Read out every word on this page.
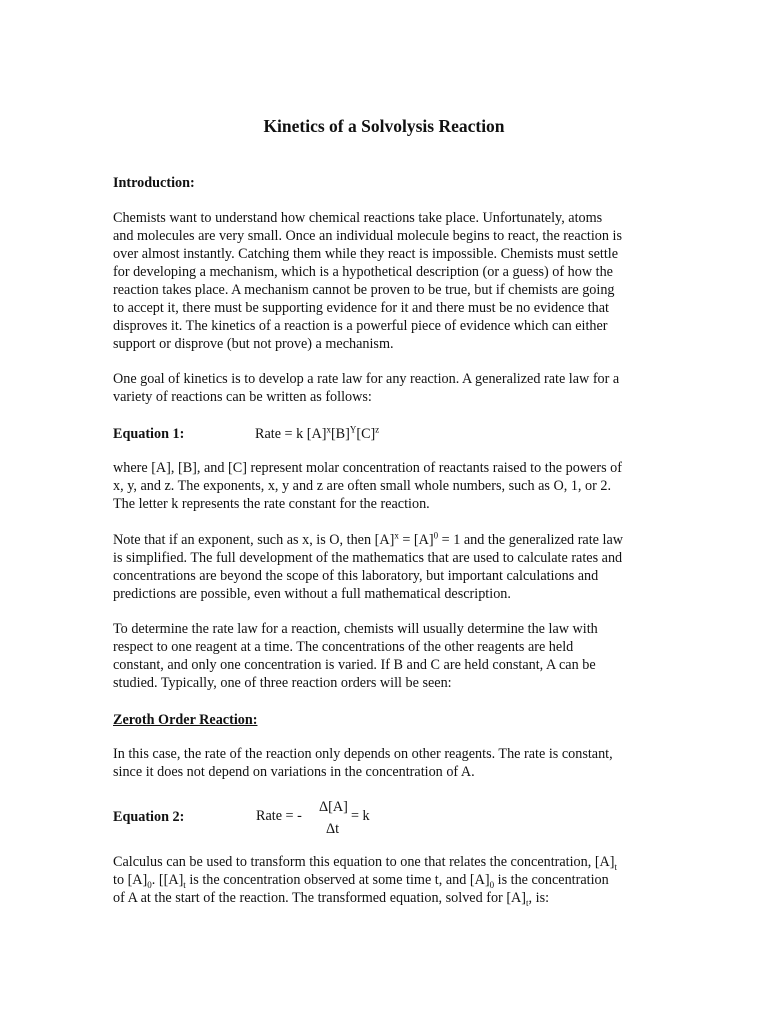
Kinetics of a Solvolysis Reaction
Introduction:
Chemists want to understand how chemical reactions take place. Unfortunately, atoms
and molecules are very small. Once an individual molecule begins to react, the reaction is
over almost instantly. Catching them while they react is impossible. Chemists must settle
for developing a mechanism, which is a hypothetical description (or a guess) of how the
reaction takes place. A mechanism cannot be proven to be true, but if chemists are going
to accept it, there must be supporting evidence for it and there must be no evidence that
disproves it. The kinetics of a reaction is a powerful piece of evidence which can either
support or disprove (but not prove) a mechanism.
One goal of kinetics is to develop a rate law for any reaction. A generalized rate law for a
variety of reactions can be written as follows:
Equation 1:	Rate = k $[A]^x[B]^Y[C]^z$
where [A], [B], and [C] represent molar concentration of reactants raised to the powers of
x, y, and z. The exponents, x, y and z are often small whole numbers, such as O, 1, or 2.
The letter k represents the rate constant for the reaction.
Note that if an exponent, such as x, is O, then $[A]^x = [A]^0 = 1$ and the generalized rate law
is simplified. The full development of the mathematics that are used to calculate rates and
concentrations are beyond the scope of this laboratory, but important calculations and
predictions are possible, even without a full mathematical description.
To determine the rate law for a reaction, chemists will usually determine the law with
respect to one reagent at a time. The concentrations of the other reagents are held
constant, and only one concentration is varied. If B and C are held constant, A can be
studied. Typically, one of three reaction orders will be seen:
Zeroth Order Reaction:
In this case, the rate of the reaction only depends on other reagents. The rate is constant,
since it does not depend on variations in the concentration of A.
Equation 2:	Rate = -
Δ[A]
Δt
= k
Calculus can be used to transform this equation to one that relates the concentration, $[A]_t$
to $[A]_0$. [$[A]_t$ is the concentration observed at some time t, and $[A]_0$ is the concentration
of A at the start of the reaction. The transformed equation, solved for $[A]_t$, is:
